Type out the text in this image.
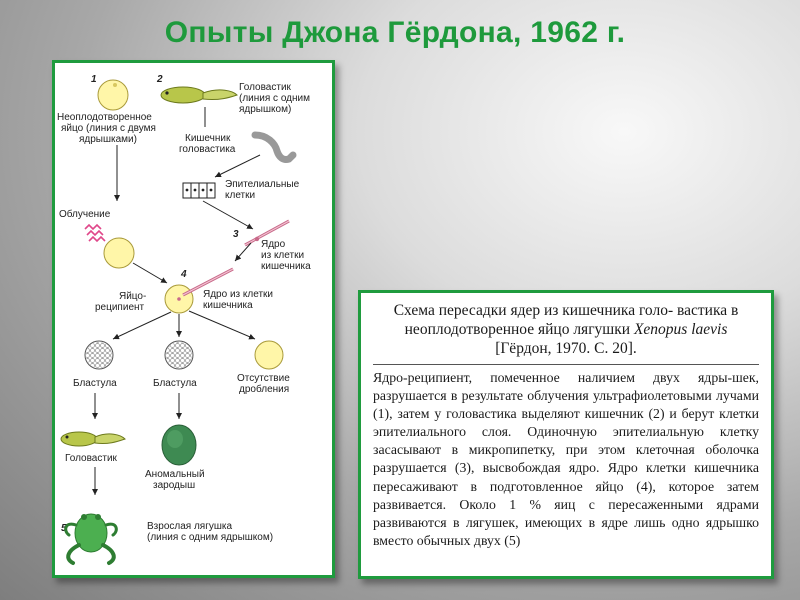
Опыты Джона Гёрдона, 1962 г.
1
Неоплодотворенное
яйцо (линия с двумя
ядрышками)
2
Головастик
(линия с одним
ядрышком)
Кишечник
головастика
Эпителиальные
клетки
3
Ядро
из клетки
кишечника
Облучение
4
Яйцо-
реципиент
Ядро из клетки
кишечника
Бластула	Бластула	Отсутствие
дробления
Головастик
Аномальный
зародыш
5	Взрослая лягушка
(линия с одним ядрышком)
Схема пересадки ядер из кишечника голо- вастика в неоплодотворенное яйцо лягушки Xenopus laevis [Гёрдон, 1970. С. 20].
Ядро-реципиент, помеченное наличием двух ядры-шек, разрушается в результате облучения ультрафиолетовыми лучами (1), затем у головастика выделяют кишечник (2) и берут клетки эпителиального слоя. Одиночную эпителиальную клетку засасывают в микропипетку, при этом клеточная оболочка разрушается (3), высвобождая ядро. Ядро клетки кишечника пересаживают в подготовленное яйцо (4), которое затем развивается. Около 1 % яиц с пересаженными ядрами развиваются в лягушек, имеющих в ядре лишь одно ядрышко вместо обычных двух (5)
